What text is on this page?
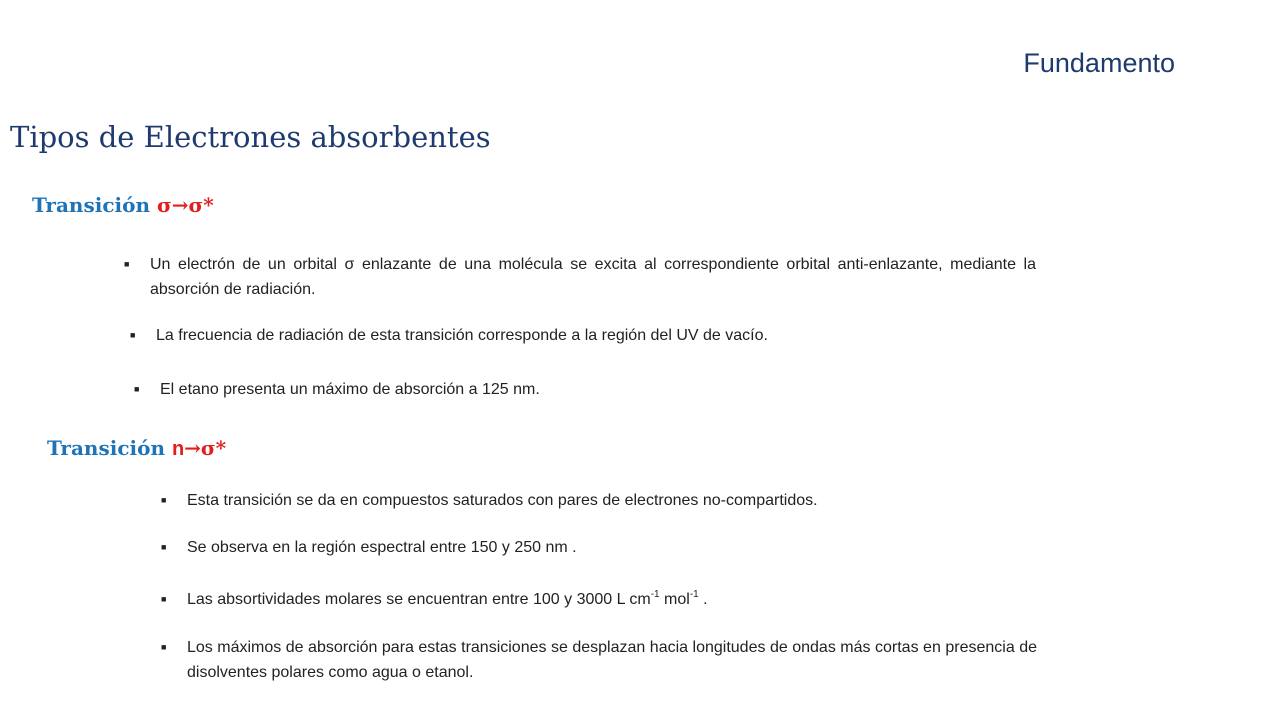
Fundamento
Tipos de Electrones absorbentes
Transición σ→σ*
■
Un electrón de un orbital σ enlazante de una molécula se excita al correspondiente orbital anti-enlazante, mediante la absorción de radiación.
■
La frecuencia de radiación de esta transición corresponde a la región del UV de vacío.
■
El etano presenta un máximo de absorción a 125 nm.
Transición n→σ*
■
Esta transición se da en compuestos saturados con pares de electrones no-compartidos.
■
Se observa en la región espectral entre 150 y 250 nm .
■
Las absortividades molares se encuentran entre 100 y 3000 L $cm^{-1}$ mol$^{-1}$ .
■
Los máximos de absorción para estas transiciones se desplazan hacia longitudes de ondas más cortas en presencia de disolventes polares como agua o etanol.
